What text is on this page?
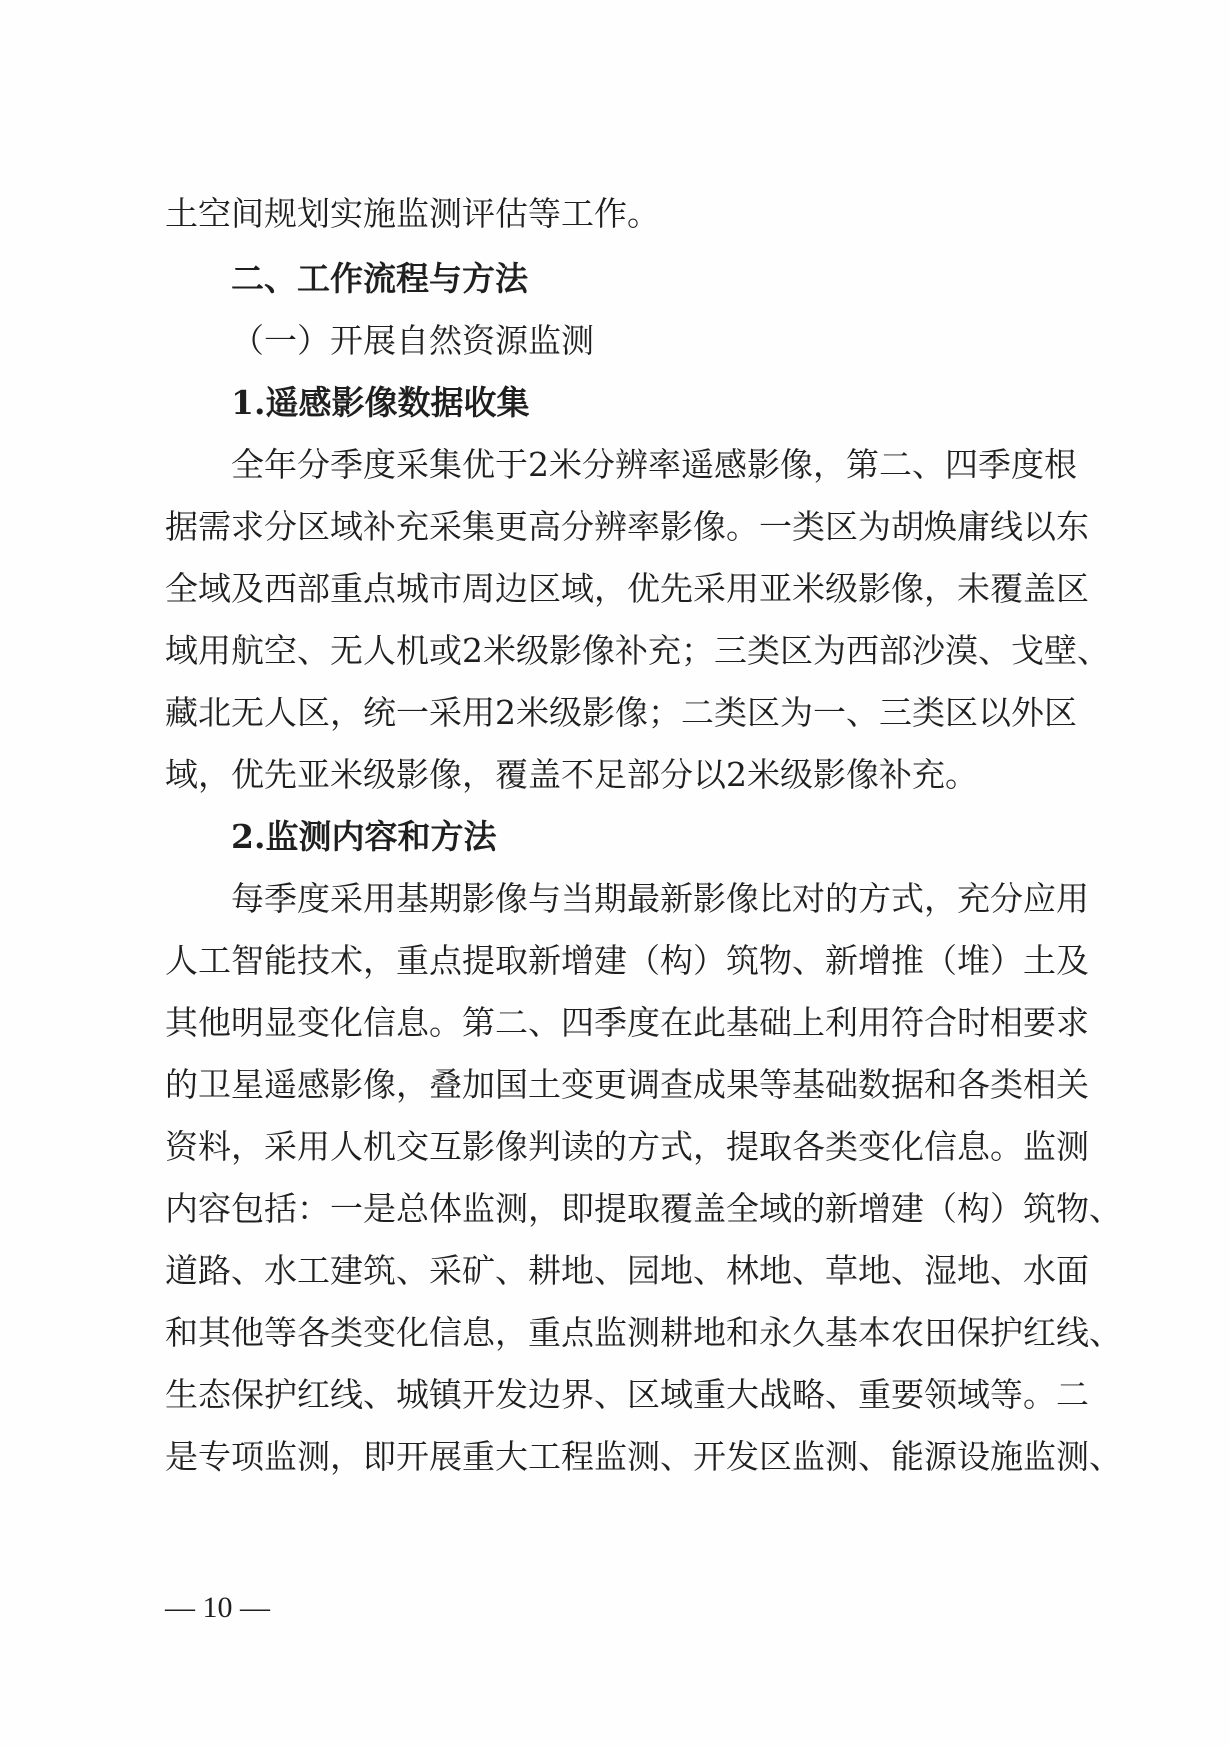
土空间规划实施监测评估等工作。
二、工作流程与方法
（一）开展自然资源监测
1.遥感影像数据收集
全年分季度采集优于2米分辨率遥感影像，第二、四季度根
据需求分区域补充采集更高分辨率影像。一类区为胡焕庸线以东
全域及西部重点城市周边区域，优先采用亚米级影像，未覆盖区
域用航空、无人机或2米级影像补充；三类区为西部沙漠、戈壁、
藏北无人区，统一采用2米级影像；二类区为一、三类区以外区
域，优先亚米级影像，覆盖不足部分以2米级影像补充。
2.监测内容和方法
每季度采用基期影像与当期最新影像比对的方式，充分应用
人工智能技术，重点提取新增建（构）筑物、新增推（堆）土及
其他明显变化信息。第二、四季度在此基础上利用符合时相要求
的卫星遥感影像，叠加国土变更调查成果等基础数据和各类相关
资料，采用人机交互影像判读的方式，提取各类变化信息。监测
内容包括：一是总体监测，即提取覆盖全域的新增建（构）筑物、
道路、水工建筑、采矿、耕地、园地、林地、草地、湿地、水面
和其他等各类变化信息，重点监测耕地和永久基本农田保护红线、
生态保护红线、城镇开发边界、区域重大战略、重要领域等。二
是专项监测，即开展重大工程监测、开发区监测、能源设施监测、
— 10 —
